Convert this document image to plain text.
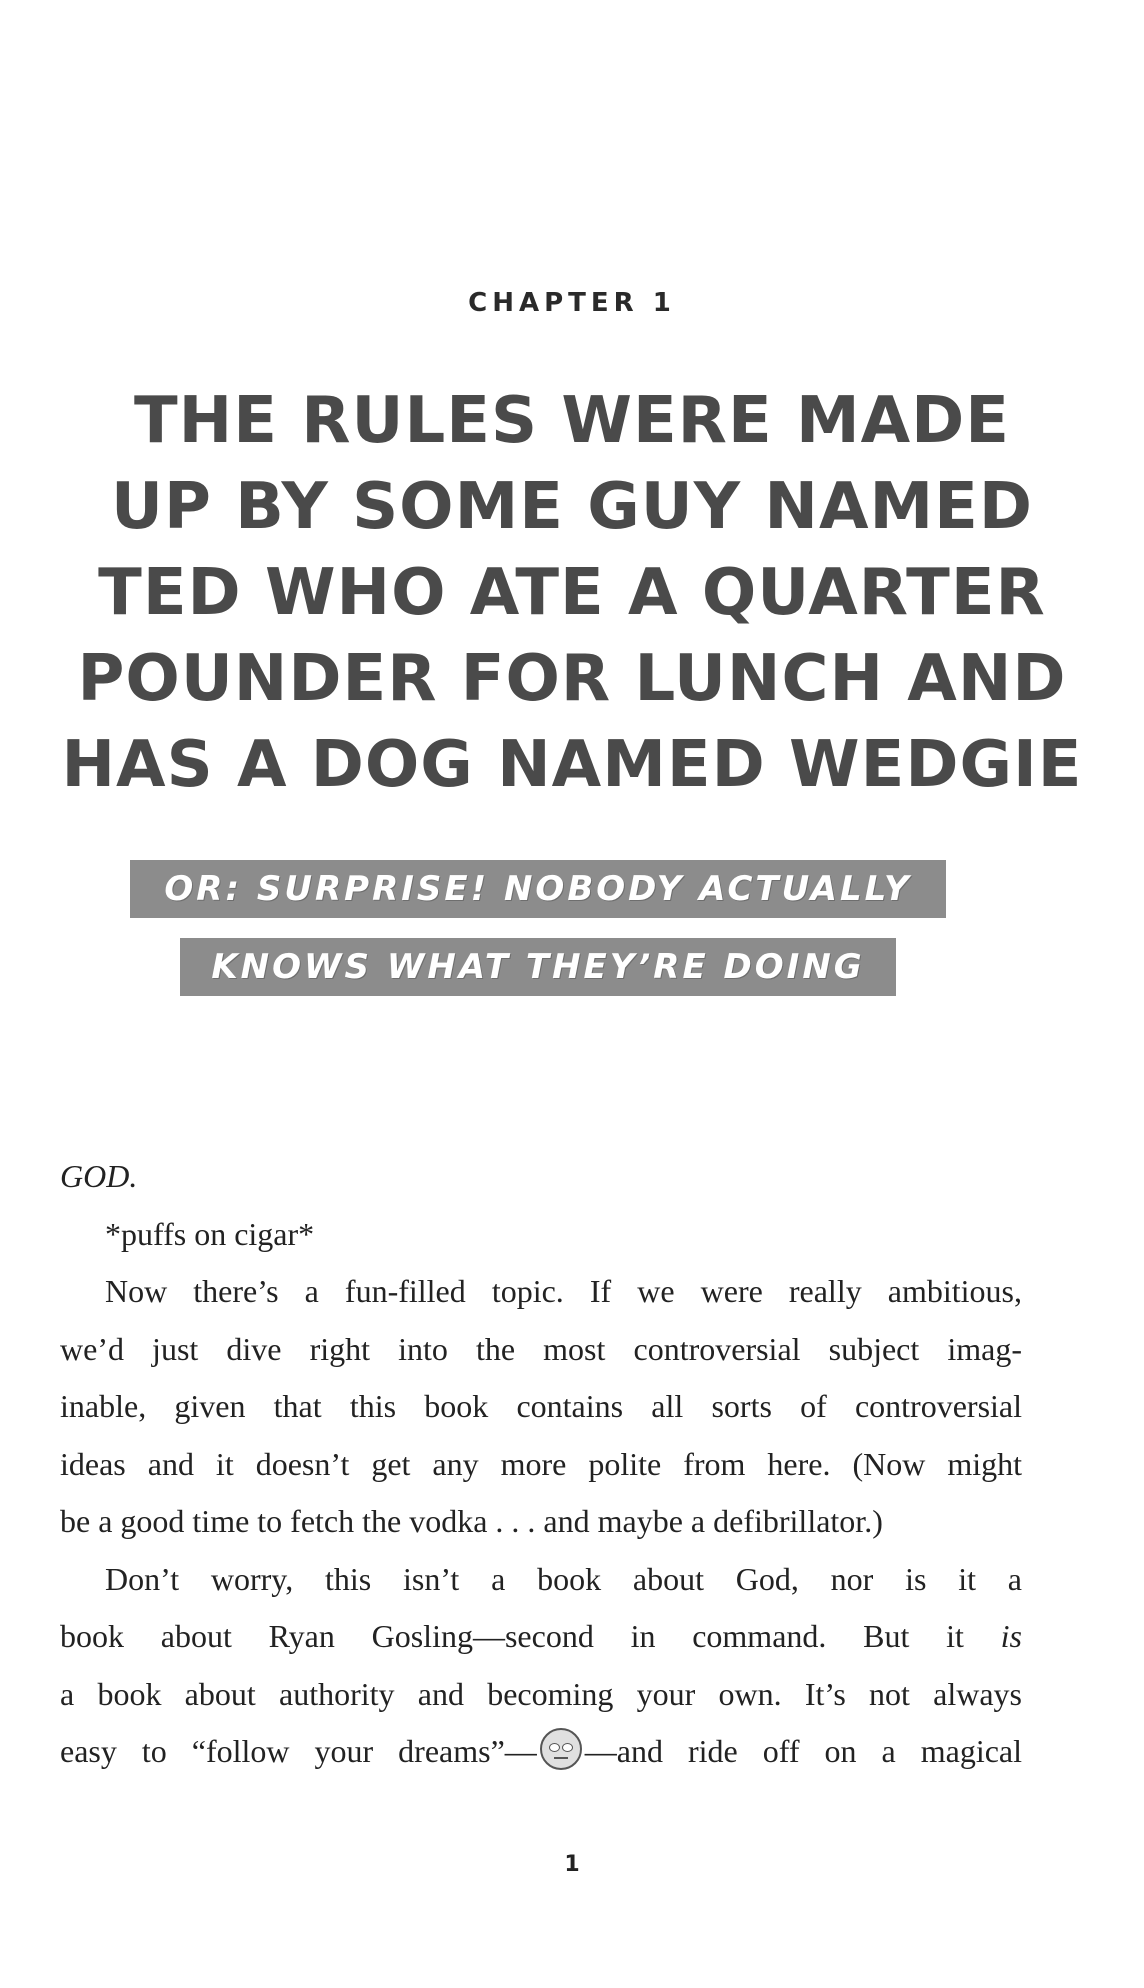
CHAPTER 1
THE RULES WERE MADE
UP BY SOME GUY NAMED
TED WHO ATE A QUARTER
POUNDER FOR LUNCH AND
HAS A DOG NAMED WEDGIE
OR: SURPRISE! NOBODY ACTUALLY
KNOWS WHAT THEY’RE DOING

GOD.

*puffs on cigar*

Now there’s a fun-filled topic. If we were really ambitious,

we’d just dive right into the most controversial subject imag-

inable, given that this book contains all sorts of controversial

ideas and it doesn’t get any more polite from here. (Now might

be a good time to fetch the vodka . . . and maybe a defibrillator.)

Don’t worry, this isn’t a book about God, nor is it a

book about Ryan Gosling—second in command. But it is

a book about authority and becoming your own. It’s not always

easy to “follow your dreams”— —and ride off on a magical

1
